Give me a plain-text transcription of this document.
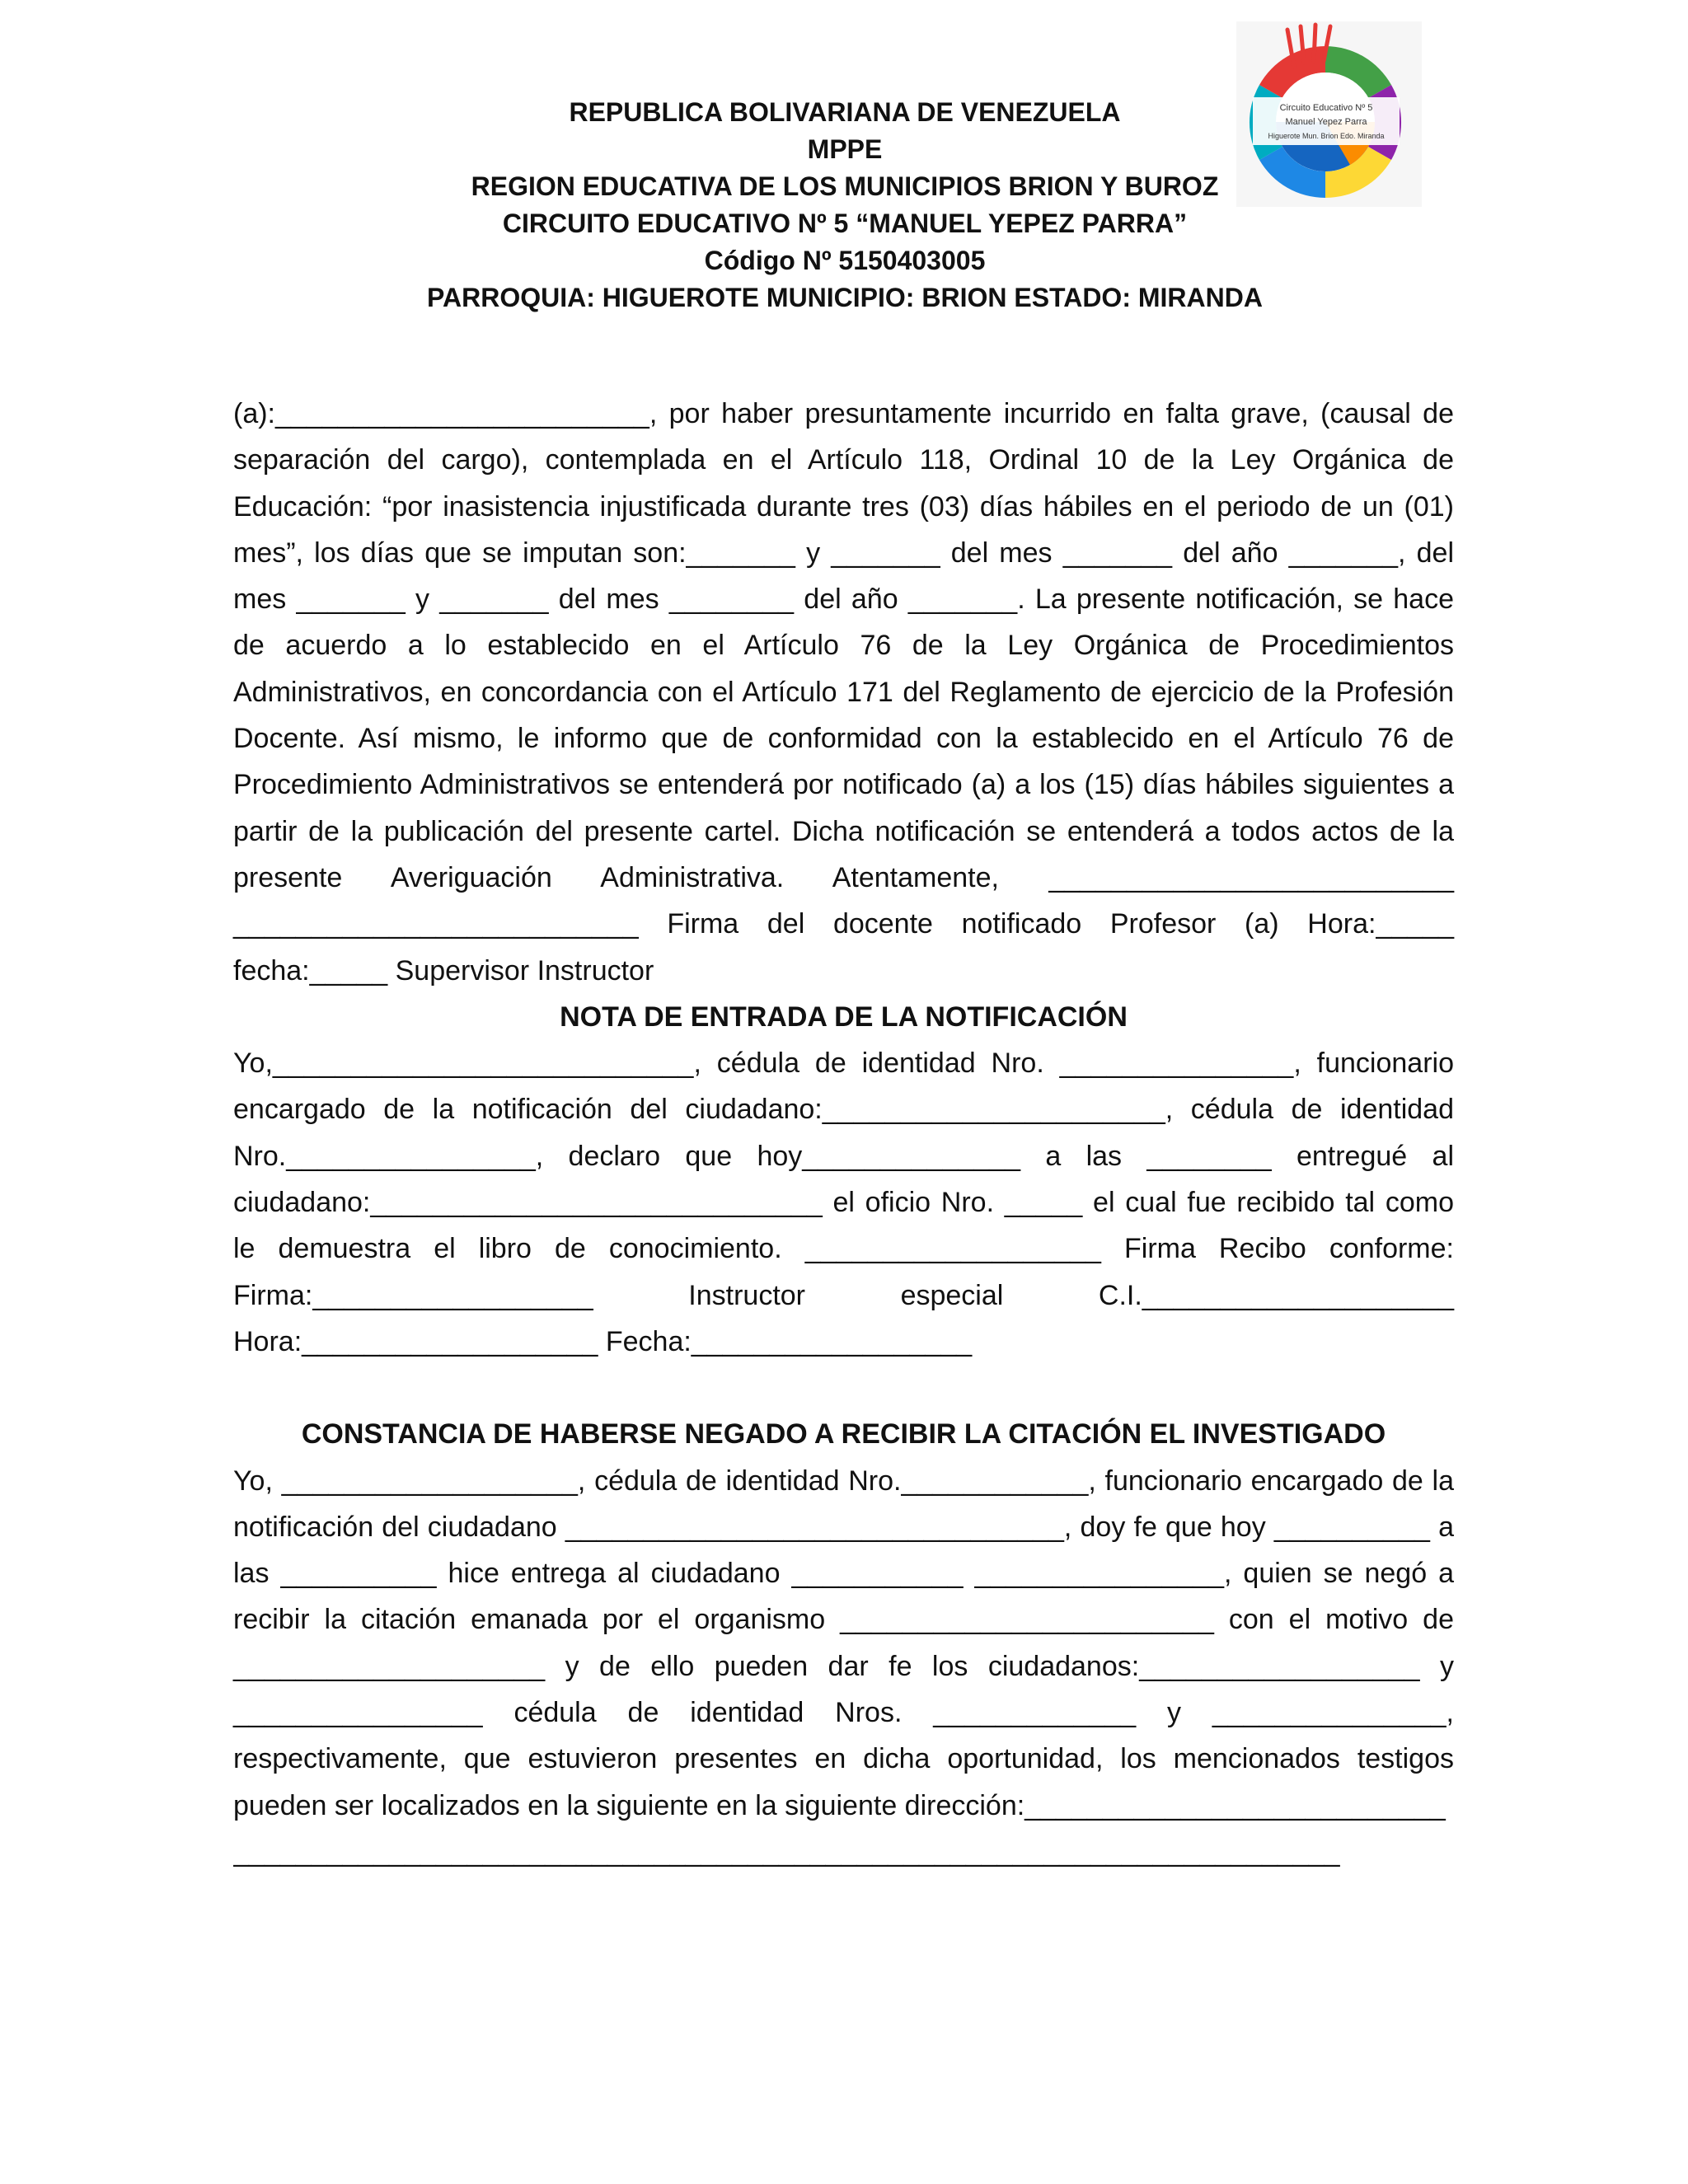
REPUBLICA BOLIVARIANA DE VENEZUELA
MPPE
REGION EDUCATIVA DE LOS MUNICIPIOS BRION Y BUROZ
CIRCUITO EDUCATIVO Nº 5 “MANUEL YEPEZ PARRA”
Código Nº 5150403005
PARROQUIA: HIGUEROTE MUNICIPIO: BRION ESTADO: MIRANDA
Circuito Educativo Nº 5
Manuel Yepez Parra
Higuerote Mun. Brion Edo. Miranda

(a):________________________, por haber presuntamente incurrido en falta grave, (causal de separación del cargo), contemplada en el Artículo 118, Ordinal 10 de la Ley Orgánica de Educación: “por inasistencia injustificada durante tres (03) días hábiles en el periodo de un (01) mes”, los días que se imputan son:_______ y _______ del mes _______ del año _______, del mes _______ y _______ del mes ________ del año _______. La presente notificación, se hace de acuerdo a lo establecido en el Artículo 76 de la Ley Orgánica de Procedimientos Administrativos, en concordancia con el Artículo 171 del Reglamento de ejercicio de la Profesión Docente. Así mismo, le informo que de conformidad con la establecido en el Artículo 76 de Procedimiento Administrativos se entenderá por notificado (a) a los (15) días hábiles siguientes a partir de la publicación del presente cartel. Dicha notificación se entenderá a todos actos de la presente Averiguación Administrativa. Atentamente, __________________________ __________________________ Firma del docente notificado Profesor (a) Hora:_____ fecha:_____ Supervisor Instructor

NOTA DE ENTRADA DE LA NOTIFICACIÓN

Yo,___________________________, cédula de identidad Nro. _______________, funcionario encargado de la notificación del ciudadano:______________________, cédula de identidad Nro.________________, declaro que hoy______________ a las ________ entregué al ciudadano:_____________________________ el oficio Nro. _____ el cual fue recibido tal como le demuestra el libro de conocimiento. ___________________ Firma Recibo conforme: Firma:__________________ Instructor especial C.I.____________________ Hora:___________________ Fecha:__________________

CONSTANCIA DE HABERSE NEGADO A RECIBIR LA CITACIÓN EL INVESTIGADO

Yo, ___________________, cédula de identidad Nro.____________, funcionario encargado de la notificación del ciudadano ________________________________, doy fe que hoy __________ a las __________ hice entrega al ciudadano ___________ ________________, quien se negó a recibir la citación emanada por el organismo ________________________ con el motivo de ____________________ y de ello pueden dar fe los ciudadanos:__________________ y ________________ cédula de identidad Nros. _____________ y _______________, respectivamente, que estuvieron presentes en dicha oportunidad, los mencionados testigos pueden ser localizados en la siguiente en la siguiente dirección:___________________________

_______________________________________________________________________
